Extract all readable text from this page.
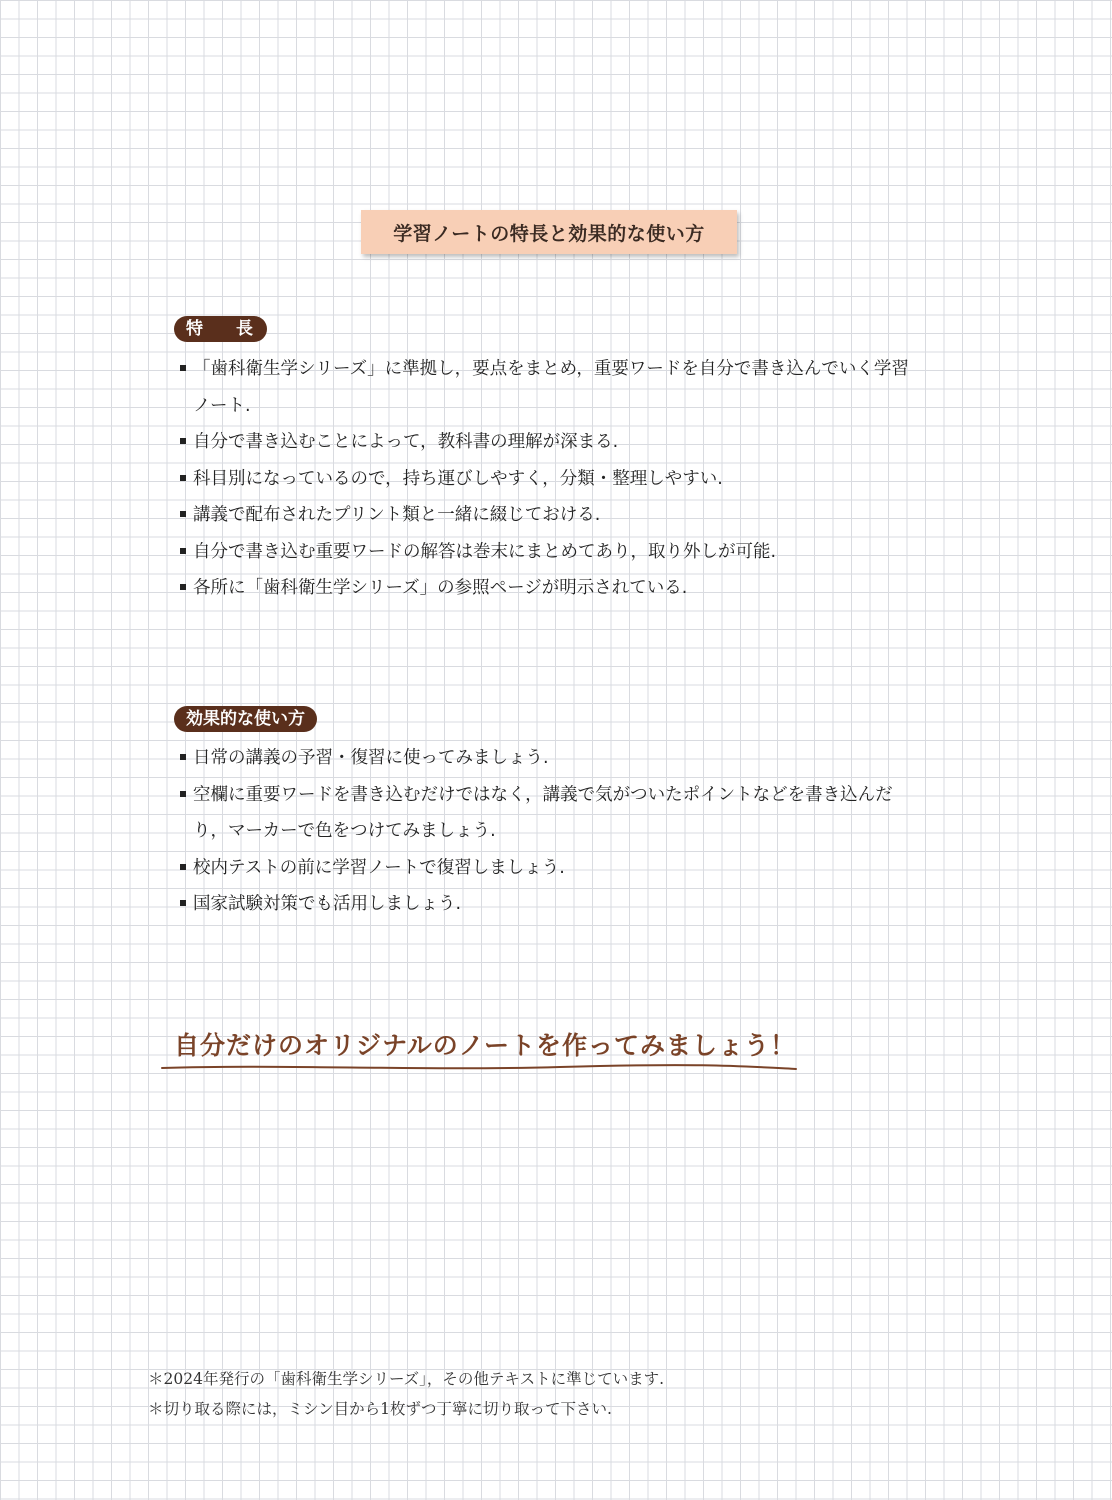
学習ノートの特長と効果的な使い方
特　長
「歯科衛生学シリーズ」に準拠し，要点をまとめ，重要ワードを自分で書き込んでいく学習ノート.
自分で書き込むことによって，教科書の理解が深まる.
科目別になっているので，持ち運びしやすく，分類・整理しやすい.
講義で配布されたプリント類と一緒に綴じておける.
自分で書き込む重要ワードの解答は巻末にまとめてあり，取り外しが可能.
各所に「歯科衛生学シリーズ」の参照ページが明示されている.
効果的な使い方
日常の講義の予習・復習に使ってみましょう.
空欄に重要ワードを書き込むだけではなく，講義で気がついたポイントなどを書き込んだり，マーカーで色をつけてみましょう.
校内テストの前に学習ノートで復習しましょう.
国家試験対策でも活用しましょう.
自分だけのオリジナルのノートを作ってみましょう！
＊2024年発行の「歯科衛生学シリーズ」，その他テキストに準じています.
＊切り取る際には，ミシン目から1枚ずつ丁寧に切り取って下さい.
